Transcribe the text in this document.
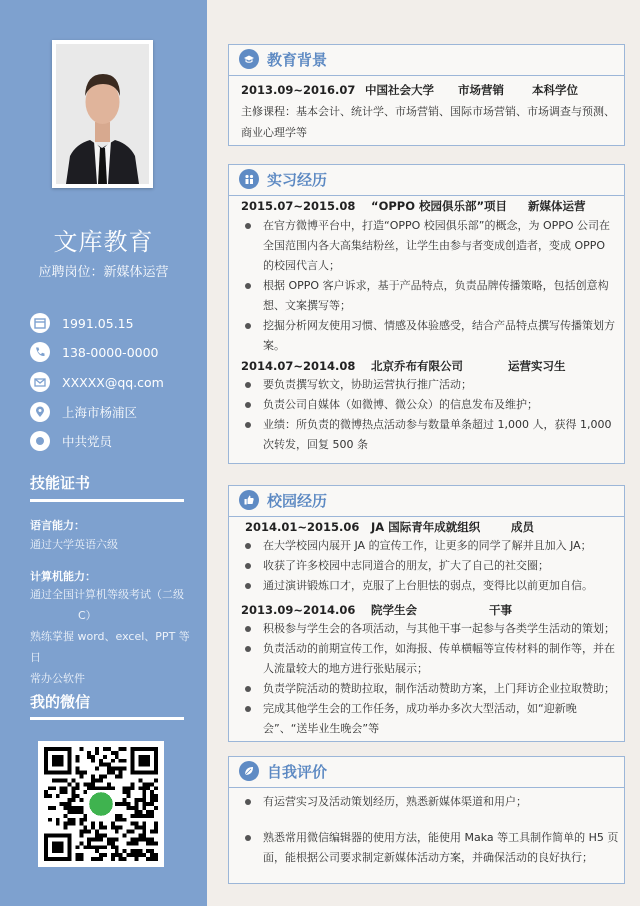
文库教育
应聘岗位：新媒体运营
1991.05.15
138-0000-0000
XXXXX@qq.com
上海市杨浦区
中共党员
技能证书
语言能力：
通过大学英语六级
计算机能力：
通过全国计算机等级考试（二级
C）
熟练掌握 word、excel、PPT 等日
常办公软件
我的微信
教育背景
2013.09~2016.07 中国社会大学 市场营销 本科学位
主修课程：基本会计、统计学、市场营销、国际市场营销、市场调查与预测、
商业心理学等
实习经历
2015.07~2015.08 “OPPO 校园俱乐部”项目 新媒体运营
在官方微博平台中，打造“OPPO 校园俱乐部”的概念，为 OPPO 公司在全国范围内各大高集结粉丝，让学生由参与者变成创造者，变成 OPPO 的校园代言人；
根据 OPPO 客户诉求，基于产品特点，负责品牌传播策略，包括创意构想、文案撰写等；
挖掘分析网友使用习惯、情感及体验感受，结合产品特点撰写传播策划方案。
2014.07~2014.08 北京乔布有限公司	运营实习生
要负责撰写软文，协助运营执行推广活动；
负责公司自媒体（如微博、微公众）的信息发布及维护；
业绩：所负责的微博热点活动参与数量单条超过 1,000 人，获得 1,000 次转发，回复 500 条
校园经历
2014.01~2015.06 JA 国际青年成就组织	成员
在大学校园内展开 JA 的宣传工作，让更多的同学了解并且加入 JA；
收获了许多校园中志同道合的朋友，扩大了自己的社交圈；
通过演讲锻炼口才，克服了上台胆怯的弱点，变得比以前更加自信。
2013.09~2014.06 院学生会	干事
积极参与学生会的各项活动，与其他干事一起参与各类学生活动的策划；
负责活动的前期宣传工作，如海报、传单横幅等宣传材料的制作等，并在人流量较大的地方进行张贴展示；
负责学院活动的赞助拉取，制作活动赞助方案，上门拜访企业拉取赞助；
完成其他学生会的工作任务，成功举办多次大型活动，如“迎新晚会”、“送毕业生晚会”等
自我评价
有运营实习及活动策划经历，熟悉新媒体渠道和用户；
熟悉常用微信编辑器的使用方法，能使用 Maka 等工具制作简单的 H5 页面，能根据公司要求制定新媒体活动方案，并确保活动的良好执行；
